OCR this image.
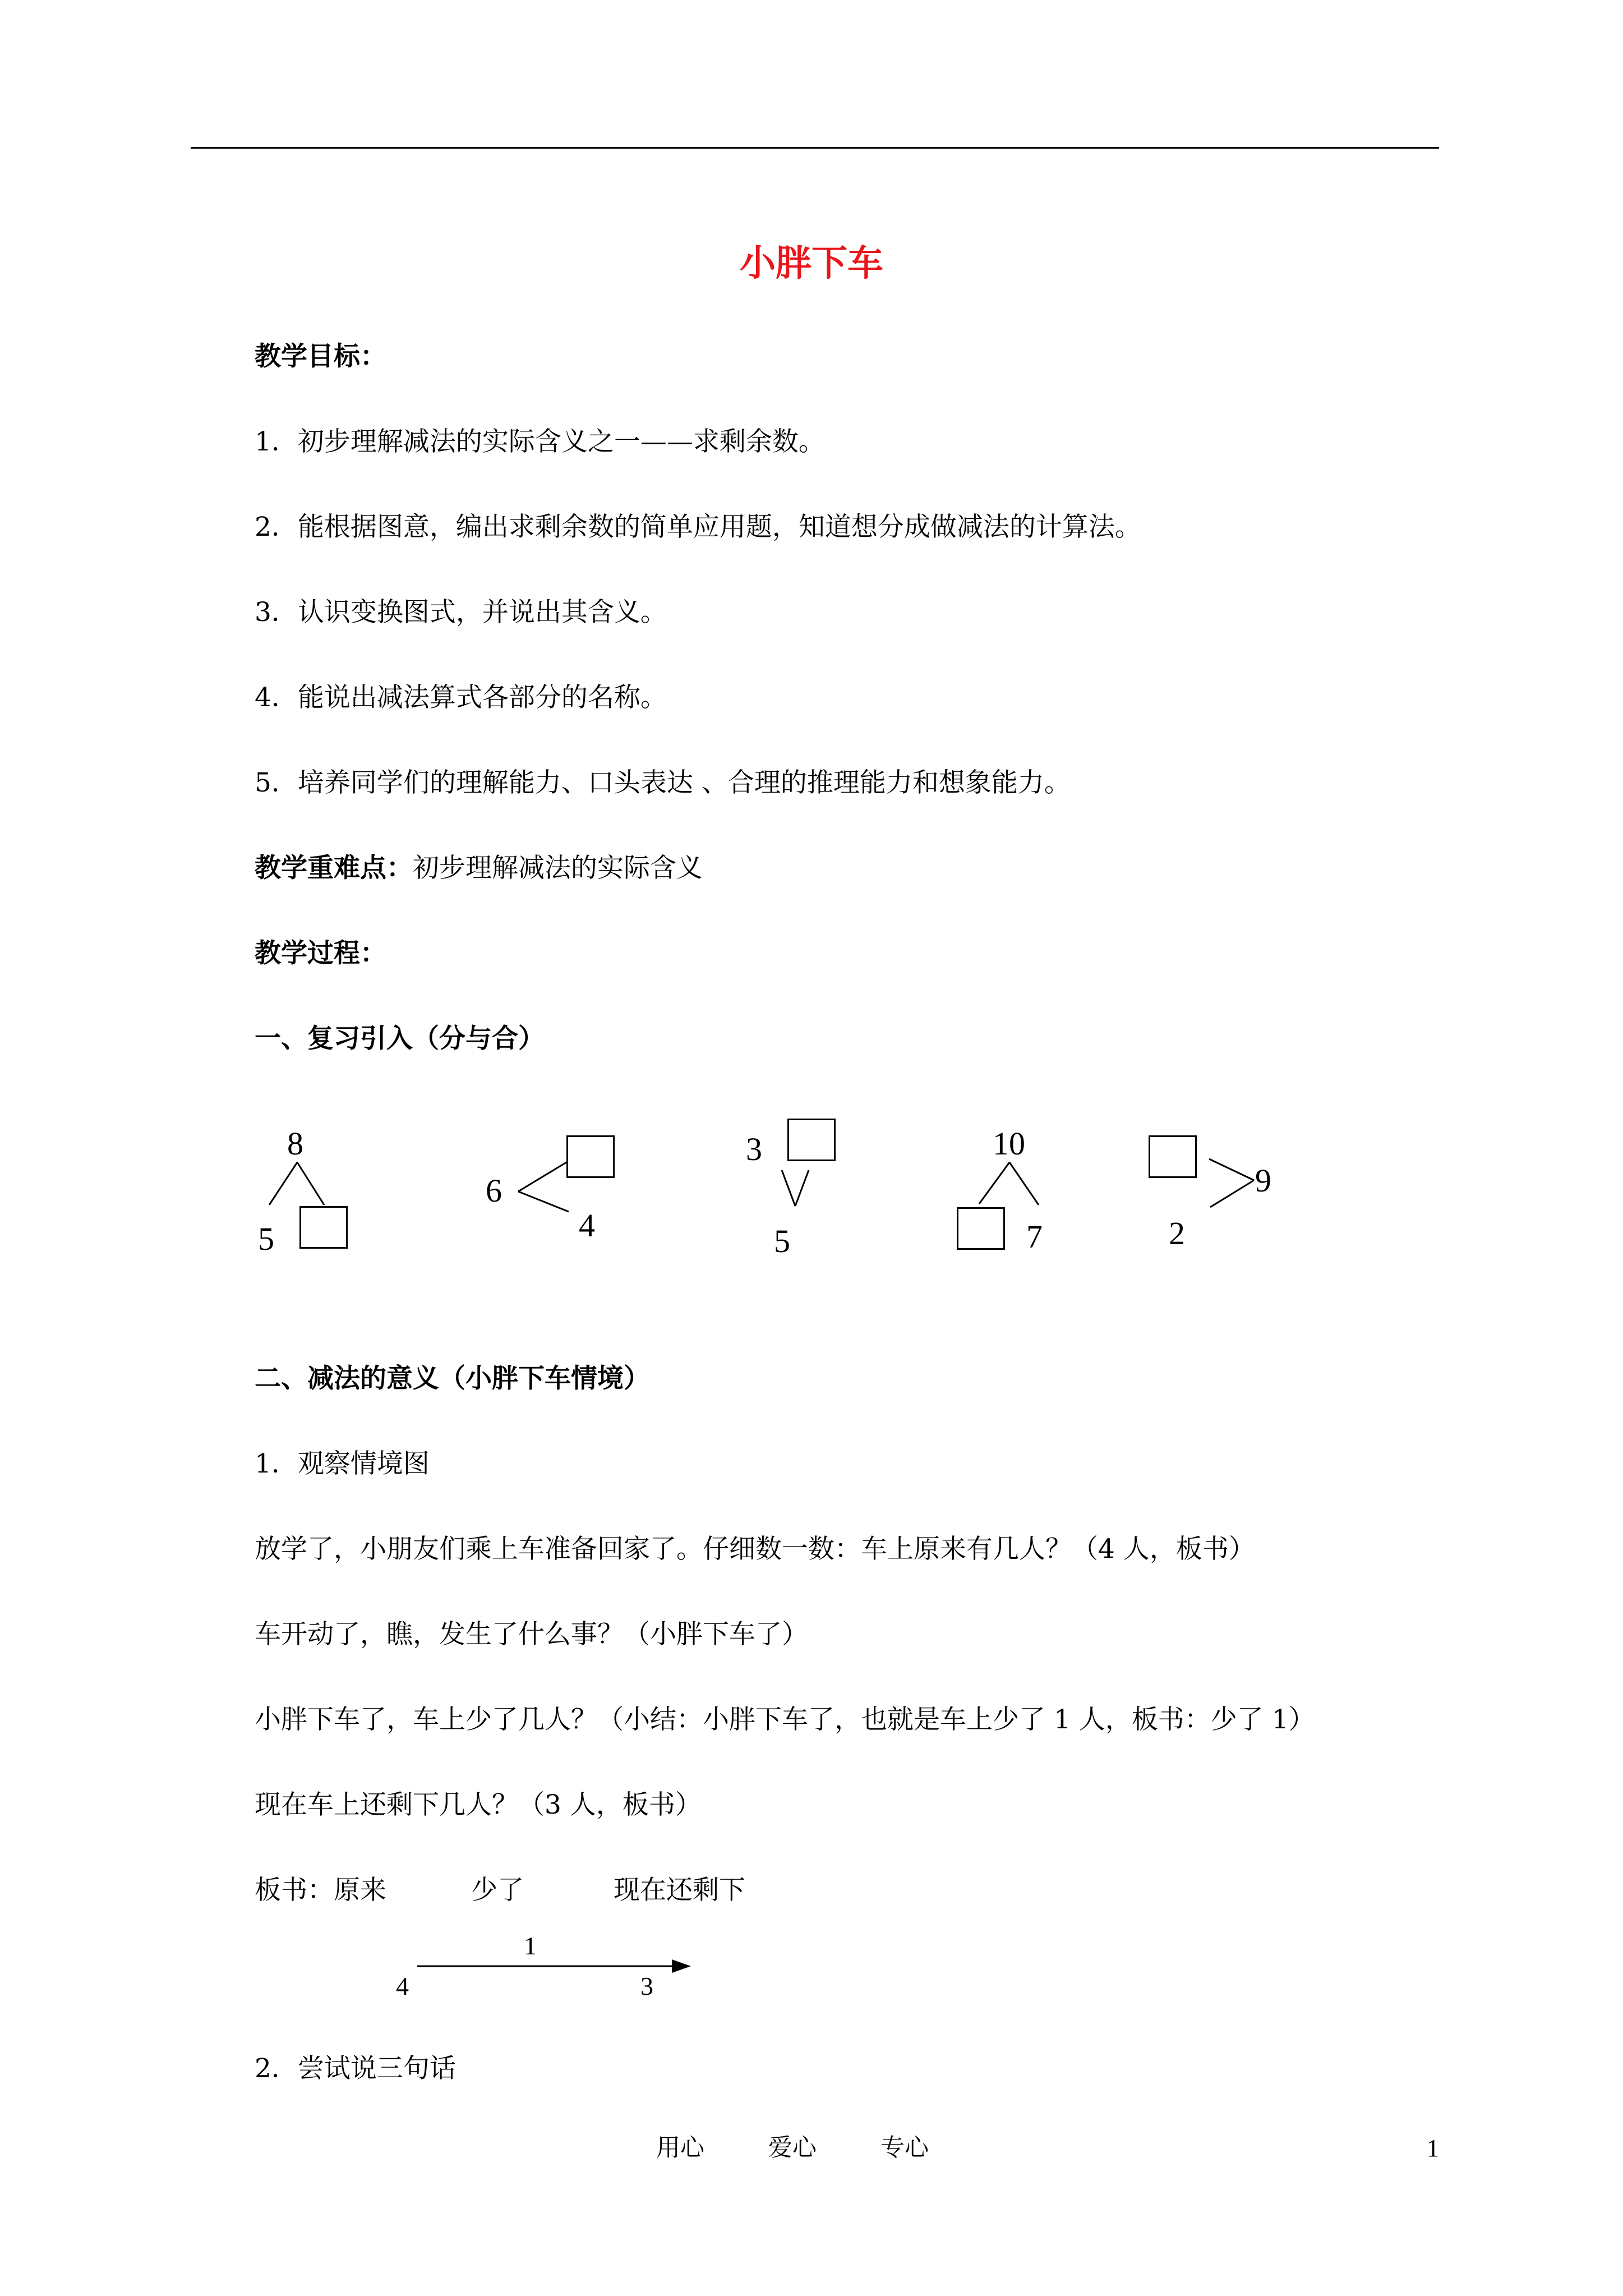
小胖下车
教学目标：
1．初步理解减法的实际含义之一——求剩余数。
2．能根据图意，编出求剩余数的简单应用题，知道想分成做减法的计算法。
3．认识变换图式，并说出其含义。
4．能说出减法算式各部分的名称。
5．培养同学们的理解能力、口头表达 、合理的推理能力和想象能力。
教学重难点：初步理解减法的实际含义
教学过程：
一、复习引入（分与合）
8
5
6
4
3
5
10
7
9
2
二、减法的意义（小胖下车情境）
1．观察情境图
放学了，小朋友们乘上车准备回家了。仔细数一数：车上原来有几人？（4 人，板书）
车开动了，瞧，发生了什么事？（小胖下车了）
小胖下车了，车上少了几人？（小结：小胖下车了，也就是车上少了 1 人，板书：少了 1）
现在车上还剩下几人？（3 人，板书）
板书：原来	少了	现在还剩下
1
4	3
2．尝试说三句话
用心	爱心	专心	1
